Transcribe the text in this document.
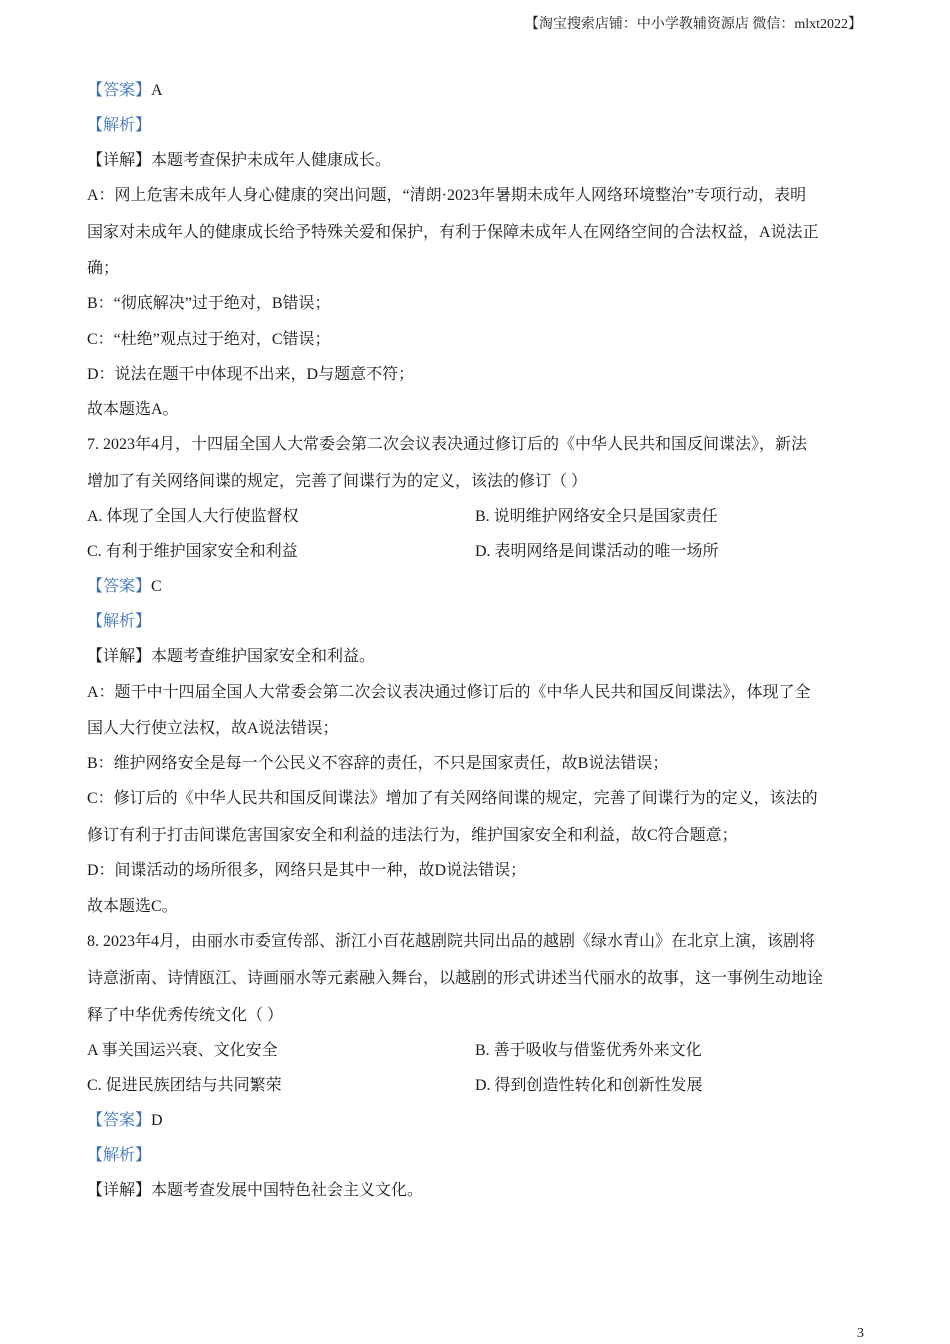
【淘宝搜索店铺：中小学教辅资源店 微信：mlxt2022】
【答案】A
【解析】
【详解】本题考查保护未成年人健康成长。
A：网上危害未成年人身心健康的突出问题，“清朗·2023年暑期未成年人网络环境整治”专项行动，表明
国家对未成年人的健康成长给予特殊关爱和保护，有利于保障未成年人在网络空间的合法权益，A说法正
确；
B：“彻底解决”过于绝对，B错误；
C：“杜绝”观点过于绝对，C错误；
D：说法在题干中体现不出来，D与题意不符；
故本题选A。
7. 2023年4月，十四届全国人大常委会第二次会议表决通过修订后的《中华人民共和国反间谍法》，新法
增加了有关网络间谍的规定，完善了间谍行为的定义，该法的修订（ ）
A. 体现了全国人大行使监督权	B. 说明维护网络安全只是国家责任
C. 有利于维护国家安全和利益	D. 表明网络是间谍活动的唯一场所
【答案】C
【解析】
【详解】本题考查维护国家安全和利益。
A：题干中十四届全国人大常委会第二次会议表决通过修订后的《中华人民共和国反间谍法》，体现了全
国人大行使立法权，故A说法错误；
B：维护网络安全是每一个公民义不容辞的责任，不只是国家责任，故B说法错误；
C：修订后的《中华人民共和国反间谍法》增加了有关网络间谍的规定，完善了间谍行为的定义，该法的
修订有利于打击间谍危害国家安全和利益的违法行为，维护国家安全和利益，故C符合题意；
D：间谍活动的场所很多，网络只是其中一种，故D说法错误；
故本题选C。
8. 2023年4月，由丽水市委宣传部、浙江小百花越剧院共同出品的越剧《绿水青山》在北京上演，该剧将
诗意浙南、诗情瓯江、诗画丽水等元素融入舞台，以越剧的形式讲述当代丽水的故事，这一事例生动地诠
释了中华优秀传统文化（ ）
A 事关国运兴衰、文化安全	B. 善于吸收与借鉴优秀外来文化
C. 促进民族团结与共同繁荣	D. 得到创造性转化和创新性发展
【答案】D
【解析】
【详解】本题考查发展中国特色社会主义文化。
3
